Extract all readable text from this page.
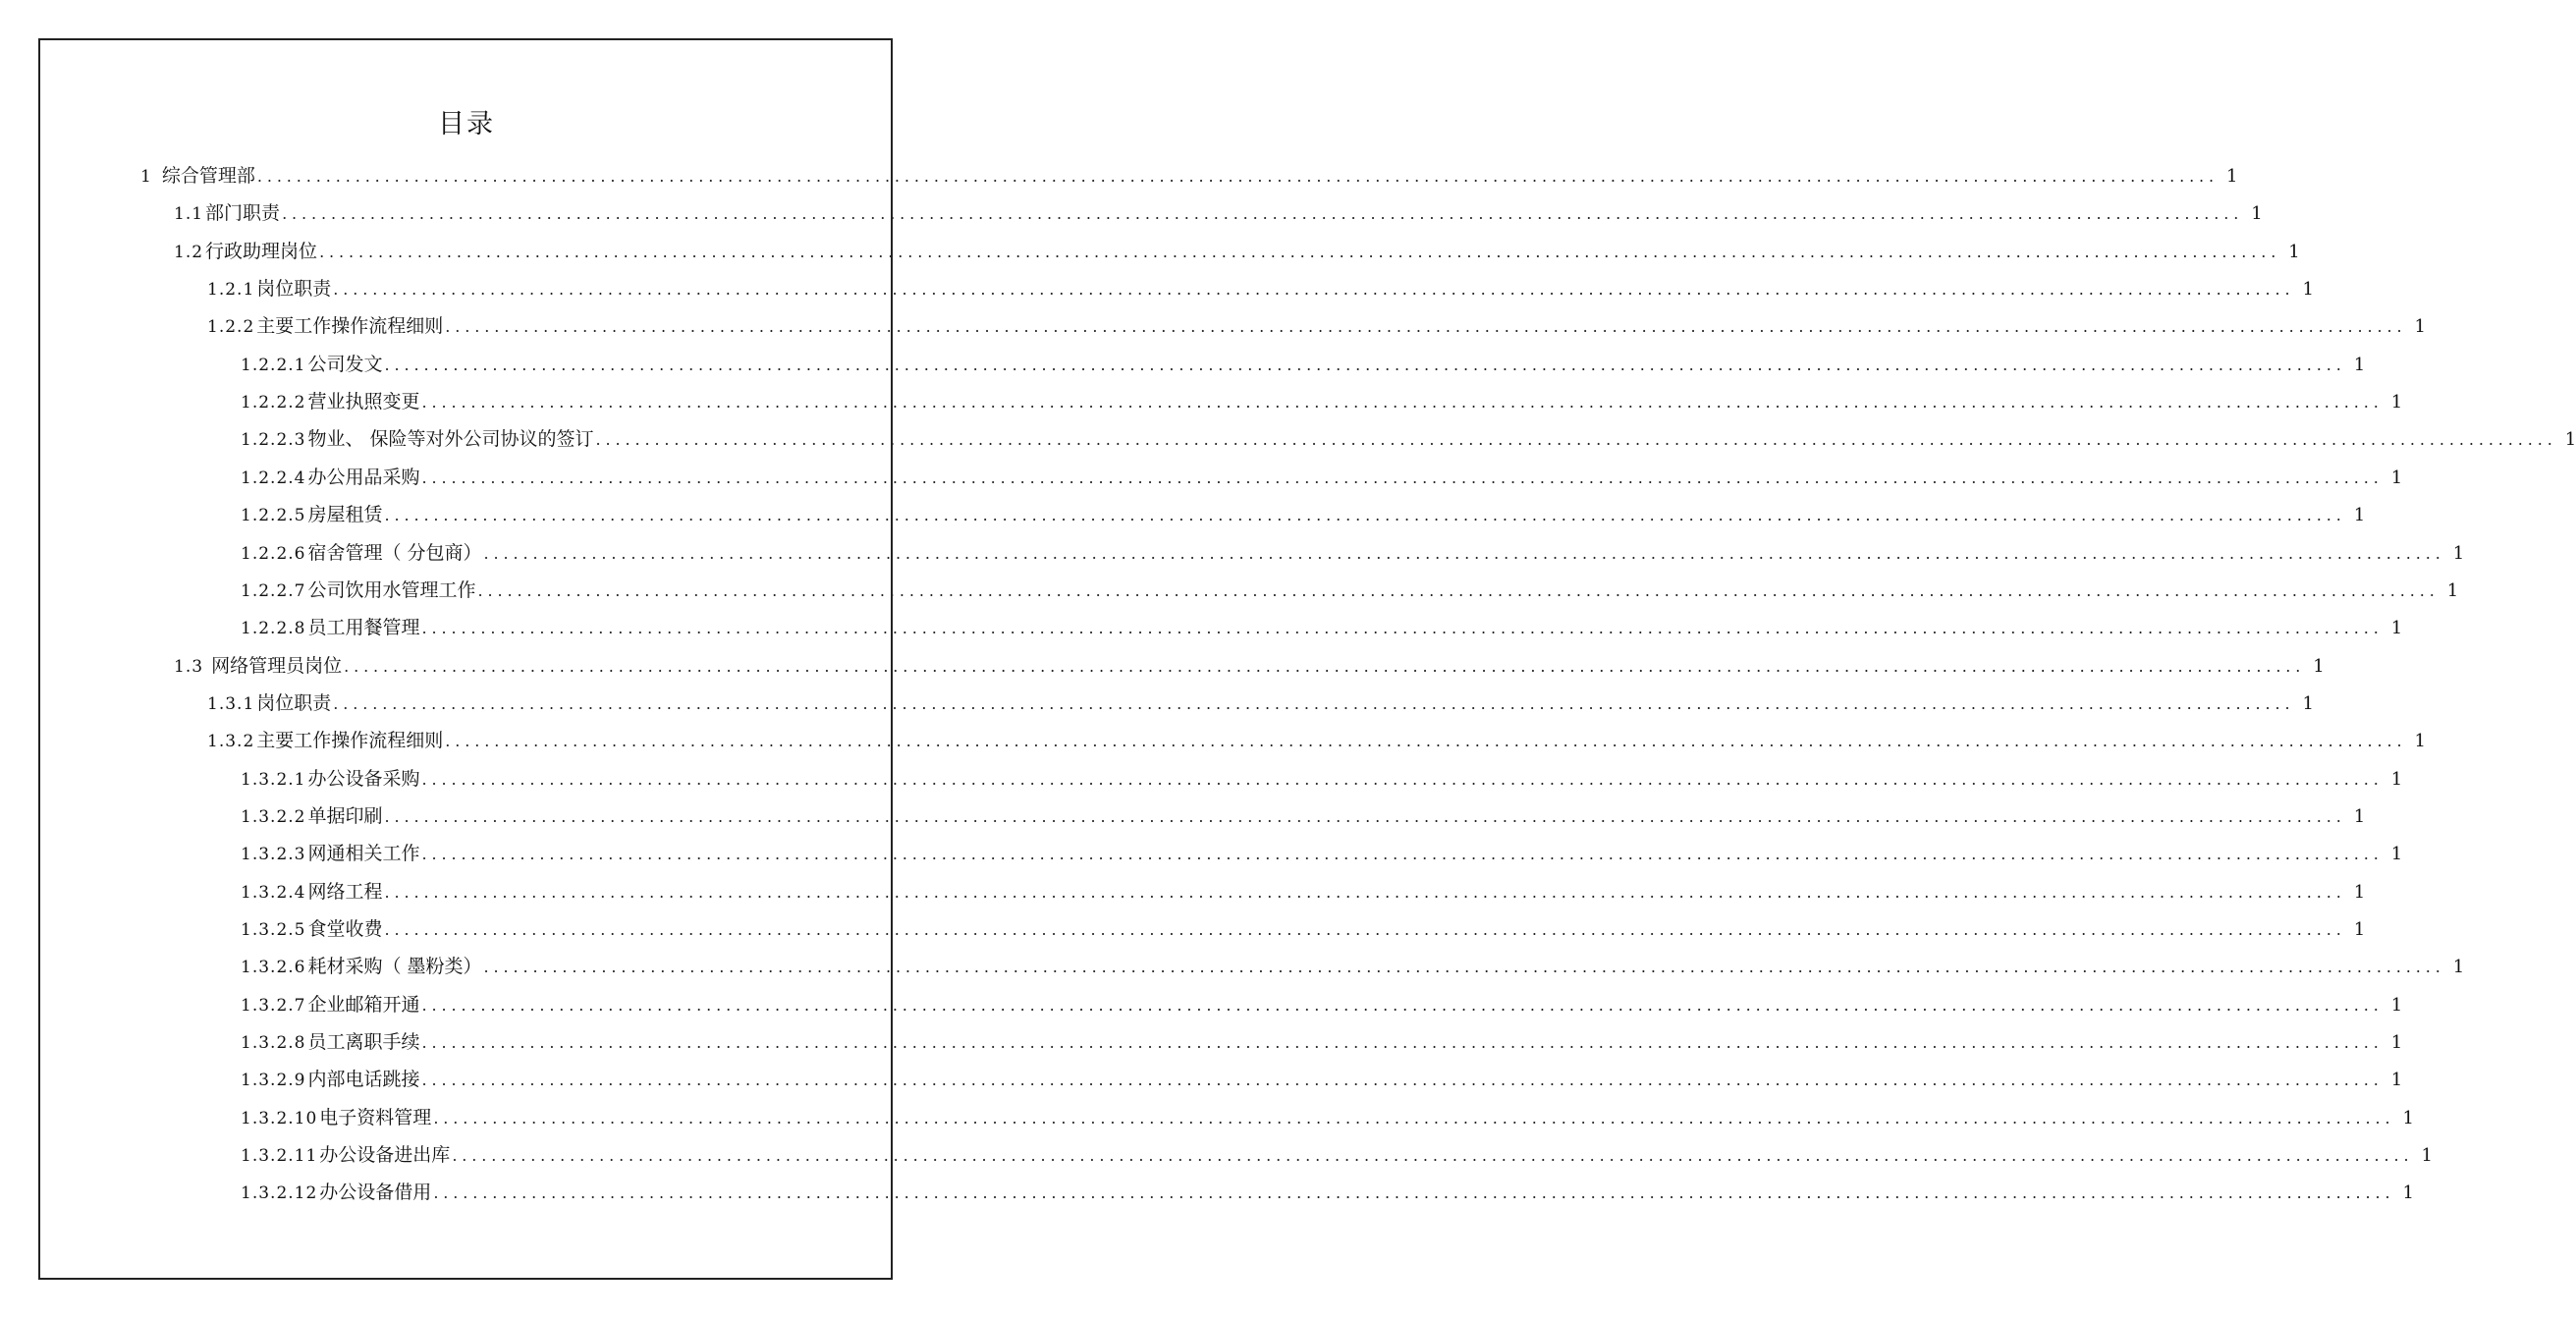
目录
1 综合管理部 ........................................................................................................................................................................................................ 1
1.1 部门职责 ........................................................................................................................................................................................................ 1
1.2 行政助理岗位 ........................................................................................................................................................................................................ 1
1.2.1 岗位职责 ........................................................................................................................................................................................................ 1
1.2.2 主要工作操作流程细则 ........................................................................................................................................................................................................ 1
1.2.2.1 公司发文 ........................................................................................................................................................................................................ 1
1.2.2.2 营业执照变更 ........................................................................................................................................................................................................ 1
1.2.2.3 物业、 保险等对外公司协议的签订 ........................................................................................................................................................................................................ 1
1.2.2.4 办公用品采购 ........................................................................................................................................................................................................ 1
1.2.2.5 房屋租赁 ........................................................................................................................................................................................................ 1
1.2.2.6 宿舍管理（ 分包商） ........................................................................................................................................................................................................ 1
1.2.2.7 公司饮用水管理工作 ........................................................................................................................................................................................................ 1
1.2.2.8 员工用餐管理 ........................................................................................................................................................................................................ 1
1.3 网络管理员岗位 ........................................................................................................................................................................................................ 1
1.3.1 岗位职责 ........................................................................................................................................................................................................ 1
1.3.2 主要工作操作流程细则 ........................................................................................................................................................................................................ 1
1.3.2.1 办公设备采购 ........................................................................................................................................................................................................ 1
1.3.2.2 单据印刷 ........................................................................................................................................................................................................ 1
1.3.2.3 网通相关工作 ........................................................................................................................................................................................................ 1
1.3.2.4 网络工程 ........................................................................................................................................................................................................ 1
1.3.2.5 食堂收费 ........................................................................................................................................................................................................ 1
1.3.2.6 耗材采购（ 墨粉类） ........................................................................................................................................................................................................ 1
1.3.2.7 企业邮箱开通 ........................................................................................................................................................................................................ 1
1.3.2.8 员工离职手续 ........................................................................................................................................................................................................ 1
1.3.2.9 内部电话跳接 ........................................................................................................................................................................................................ 1
1.3.2.10 电子资料管理 ........................................................................................................................................................................................................ 1
1.3.2.11 办公设备进出库 ........................................................................................................................................................................................................ 1
1.3.2.12 办公设备借用 ........................................................................................................................................................................................................ 1
